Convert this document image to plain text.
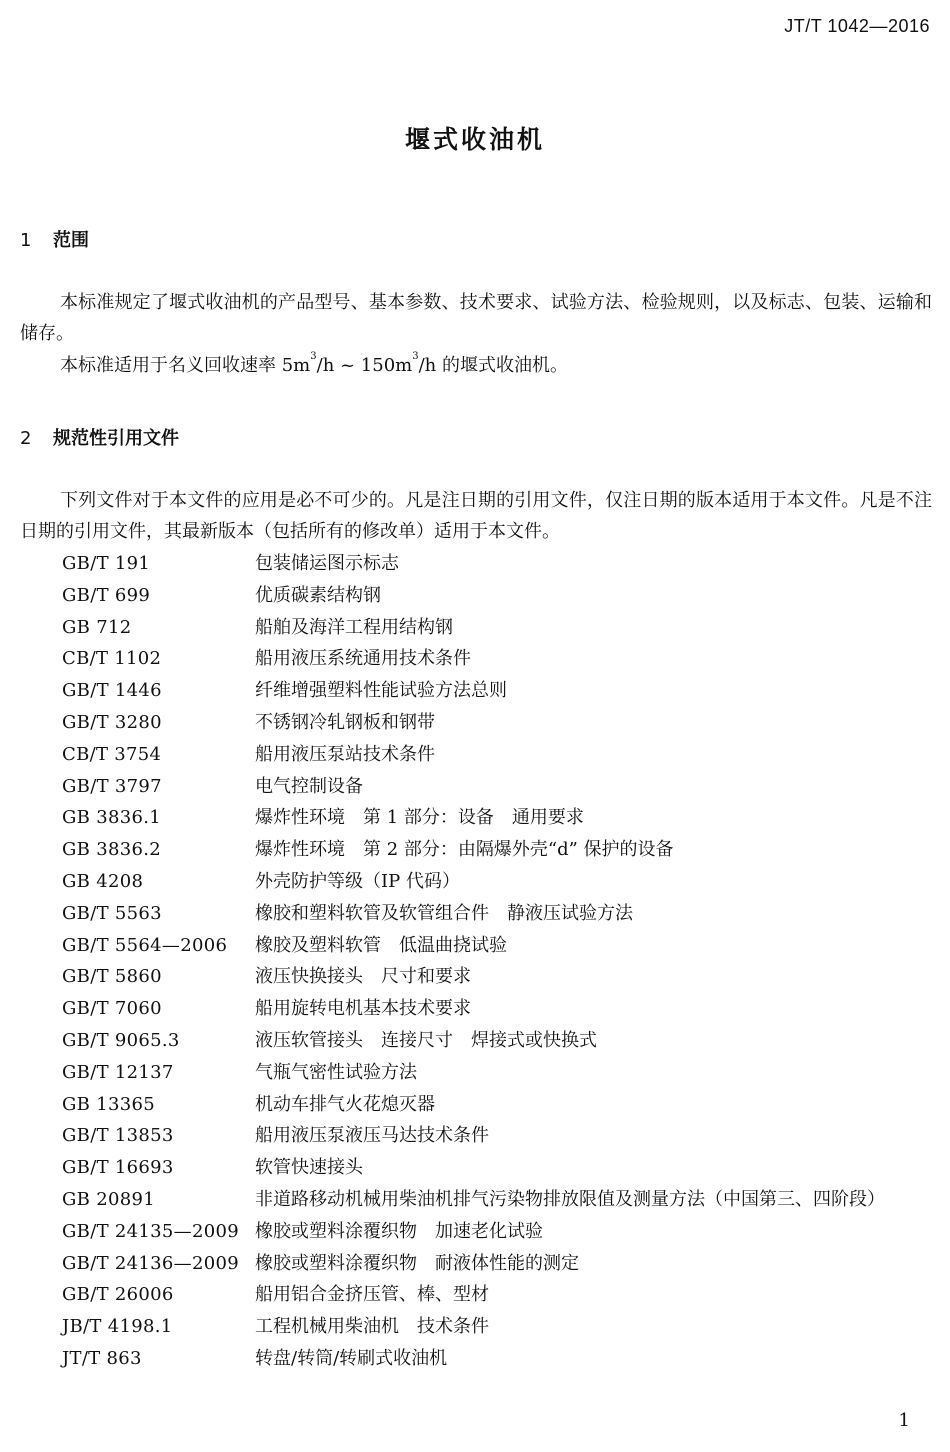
JT/T 1042—2016
堰式收油机
1 范围
本标准规定了堰式收油机的产品型号、基本参数、技术要求、试验方法、检验规则，以及标志、包装、运输和储存。
本标准适用于名义回收速率 $5m^3/h$ ~ $150m^3/h$ 的堰式收油机。
2 规范性引用文件
下列文件对于本文件的应用是必不可少的。凡是注日期的引用文件，仅注日期的版本适用于本文件。凡是不注日期的引用文件，其最新版本（包括所有的修改单）适用于本文件。
GB/T 191	包装储运图示标志
GB/T 699	优质碳素结构钢
GB 712	船舶及海洋工程用结构钢
CB/T 1102	船用液压系统通用技术条件
GB/T 1446	纤维增强塑料性能试验方法总则
GB/T 3280	不锈钢冷轧钢板和钢带
CB/T 3754	船用液压泵站技术条件
GB/T 3797	电气控制设备
GB 3836.1	爆炸性环境　第 1 部分：设备　通用要求
GB 3836.2	爆炸性环境　第 2 部分：由隔爆外壳“d” 保护的设备
GB 4208	外壳防护等级（IP 代码）
GB/T 5563	橡胶和塑料软管及软管组合件　静液压试验方法
GB/T 5564—2006	橡胶及塑料软管　低温曲挠试验
GB/T 5860	液压快换接头　尺寸和要求
GB/T 7060	船用旋转电机基本技术要求
GB/T 9065.3	液压软管接头　连接尺寸　焊接式或快换式
GB/T 12137	气瓶气密性试验方法
GB 13365	机动车排气火花熄灭器
GB/T 13853	船用液压泵液压马达技术条件
GB/T 16693	软管快速接头
GB 20891	非道路移动机械用柴油机排气污染物排放限值及测量方法（中国第三、四阶段）
GB/T 24135—2009 橡胶或塑料涂覆织物　加速老化试验
GB/T 24136—2009 橡胶或塑料涂覆织物　耐液体性能的测定
GB/T 26006	船用铝合金挤压管、棒、型材
JB/T 4198.1	工程机械用柴油机　技术条件
JT/T 863	转盘/转筒/转刷式收油机
1
